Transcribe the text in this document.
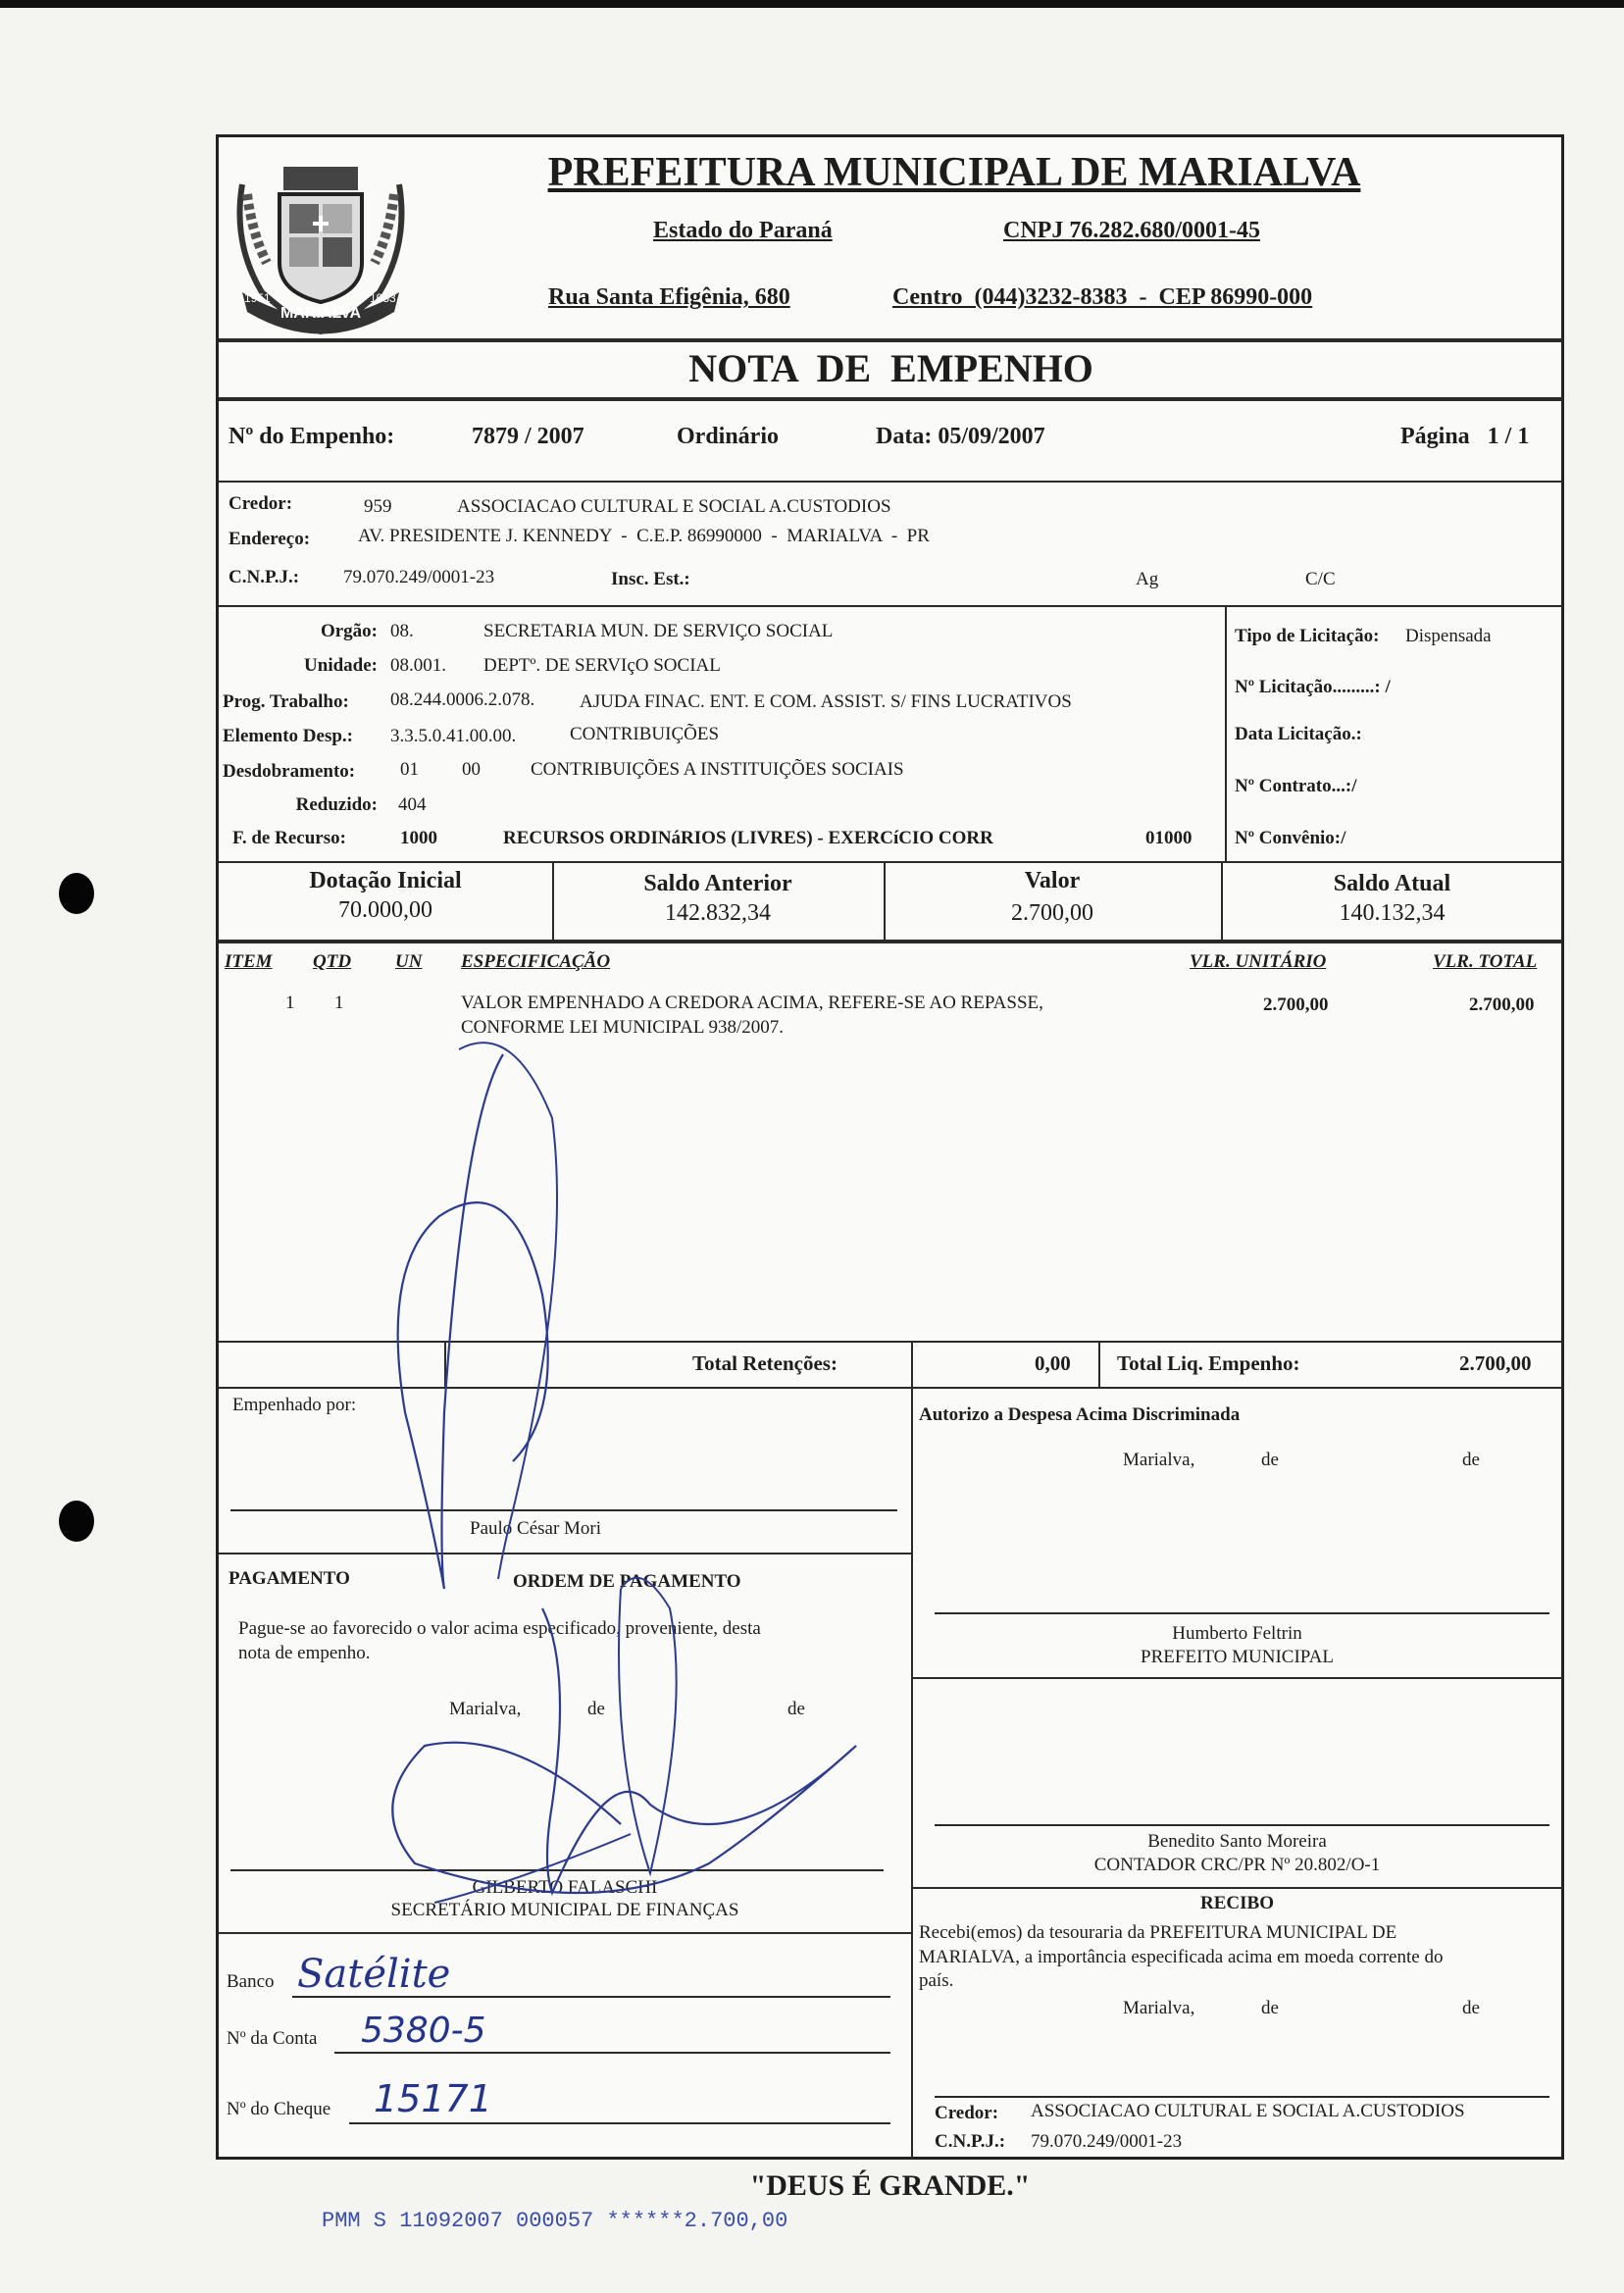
MARIALVA
1951	1953
PREFEITURA MUNICIPAL DE MARIALVA
Estado do Paraná	CNPJ 76.282.680/0001-45
Rua Santa Efigênia, 680	Centro  (044)3232-8383  -  CEP 86990-000
NOTA  DE  EMPENHO
Nº do Empenho:	7879 / 2007	Ordinário	Data: 05/09/2007	Página   1 / 1
Credor:	959	ASSOCIACAO CULTURAL E SOCIAL A.CUSTODIOS
Endereço:	AV. PRESIDENTE J. KENNEDY  -  C.E.P. 86990000  -  MARIALVA  -  PR
C.N.P.J.: 79.070.249/0001-23	Insc. Est.:	Ag	C/C
Orgão: 08.	SECRETARIA MUN. DE SERVIÇO SOCIAL
Unidade: 08.001. DEPTº. DE SERVIçO SOCIAL
Prog. Trabalho: 08.244.0006.2.078. AJUDA FINAC. ENT. E COM. ASSIST. S/ FINS LUCRATIVOS
Elemento Desp.: 3.3.5.0.41.00.00.	CONTRIBUIÇÕES
Desdobramento: 01 00	CONTRIBUIÇÕES A INSTITUIÇÕES SOCIAIS
Reduzido: 404
F. de Recurso:	1000	RECURSOS ORDINáRIOS (LIVRES) - EXERCíCIO CORR	01000
Tipo de Licitação: Dispensada
Nº Licitação.........: /
Data Licitação.:
Nº Contrato...:/
Nº Convênio:/
Dotação Inicial
70.000,00
Saldo Anterior
142.832,34
Valor
2.700,00
Saldo Atual
140.132,34
ITEM QTD UN ESPECIFICAÇÃO	VLR. UNITÁRIO	VLR. TOTAL
1 1	VALOR EMPENHADO A CREDORA ACIMA, REFERE-SE AO REPASSE,
CONFORME LEI MUNICIPAL 938/2007.
2.700,00	2.700,00
Total Retenções:	0,00 Total Liq. Empenho:	2.700,00
Empenhado por:
Paulo César Mori
Autorizo a Despesa Acima Discriminada
Marialva,	de	de
Humberto Feltrin
PREFEITO MUNICIPAL
PAGAMENTO	ORDEM DE PAGAMENTO
Pague-se ao favorecido o valor acima especificado, proveniente, desta
nota de empenho.
Marialva,	de	de
GILBERTO FALASCHI
SECRETÁRIO MUNICIPAL DE FINANÇAS
Benedito Santo Moreira
CONTADOR CRC/PR Nº 20.802/O-1
RECIBO
Recebi(emos) da tesouraria da PREFEITURA MUNICIPAL DE
MARIALVA, a importância especificada acima em moeda corrente do
país.
Marialva,	de	de
Credor: ASSOCIACAO CULTURAL E SOCIAL A.CUSTODIOS
C.N.P.J.: 79.070.249/0001-23
Banco Satélite
Nº da Conta 5380-5
Nº do Cheque 15171
"DEUS É GRANDE."
PMM S 11092007 000057 ******2.700,00
